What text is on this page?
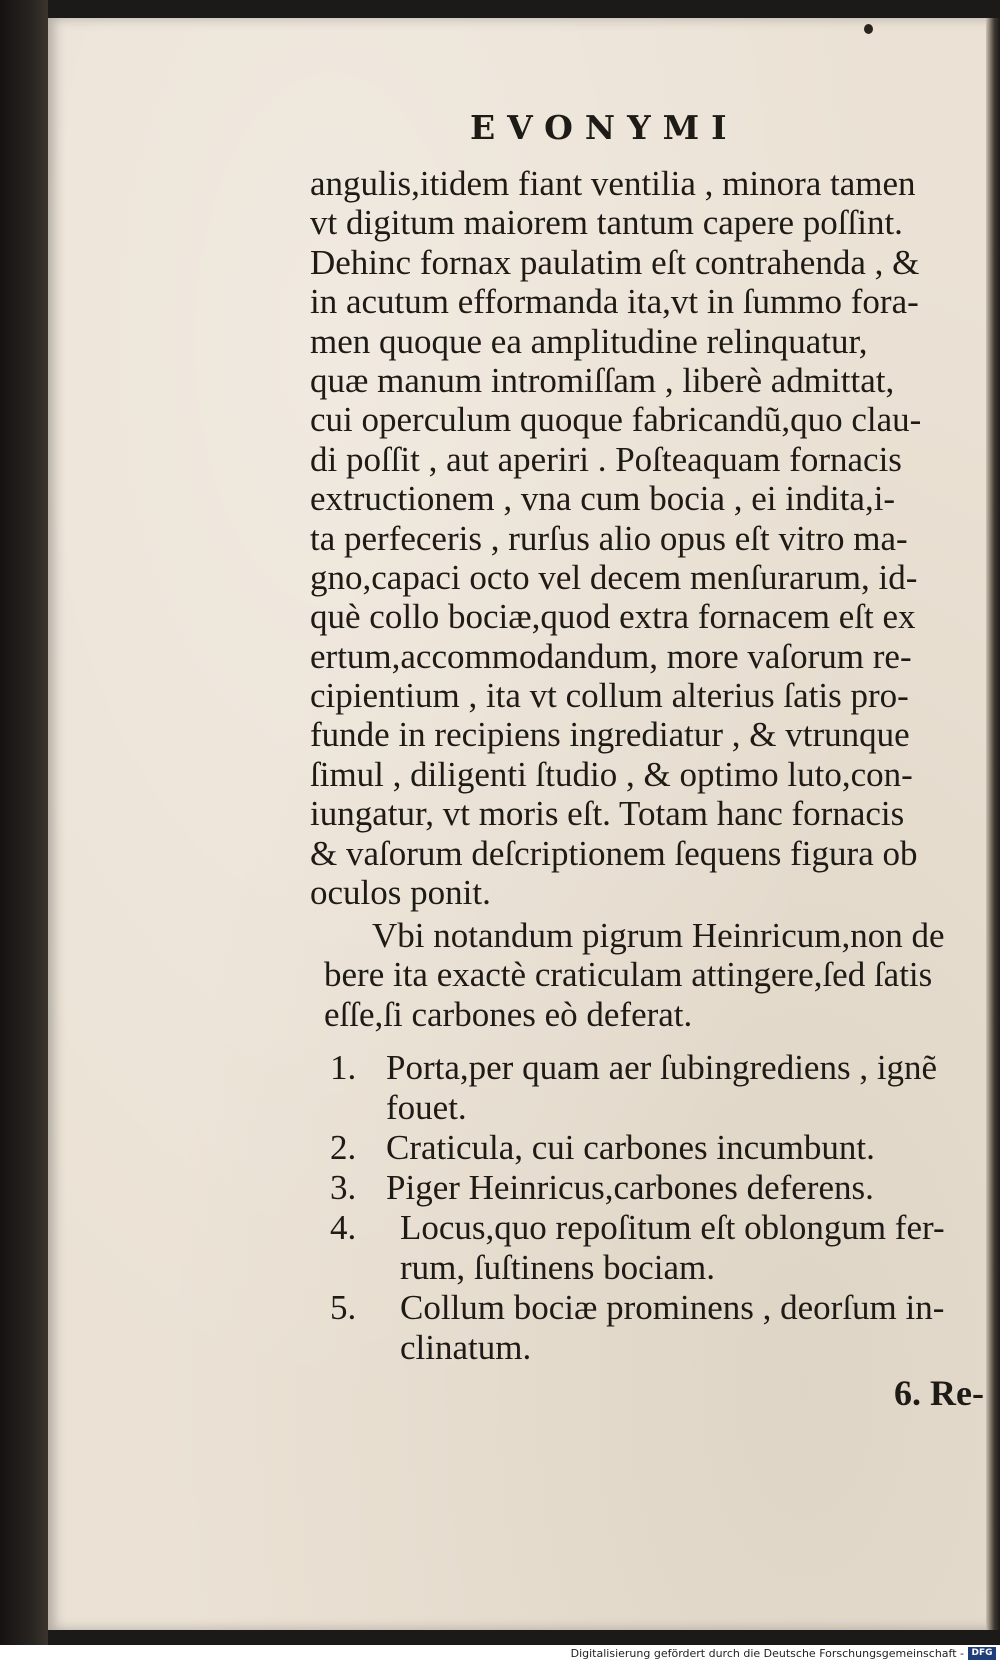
EVONYMI
angulis,itidem fiant ventilia , minora tamen
vt digitum maiorem tantum capere poſſint.
Dehinc fornax paulatim eſt contrahenda , &
in acutum efformanda ita,vt in ſummo fora-
men quoque ea amplitudine relinquatur,
quæ manum intromiſſam , liberè admittat,
cui operculum quoque fabricandũ,quo clau-
di poſſit , aut aperiri . Poſteaquam fornacis
extructionem , vna cum bocia , ei indita,i-
ta perfeceris , rurſus alio opus eſt vitro ma-
gno,capaci octo vel decem menſurarum, id-
què collo bociæ,quod extra fornacem eſt ex
ertum,accommodandum, more vaſorum re-
cipientium , ita vt collum alterius ſatis pro-
funde in recipiens ingrediatur , & vtrunque
ſimul , diligenti ſtudio , & optimo luto,con-
iungatur, vt moris eſt. Totam hanc fornacis
& vaſorum deſcriptionem ſequens figura ob
oculos ponit.
Vbi notandum pigrum Heinricum,non de
bere ita exactè craticulam attingere,ſed ſatis
eſſe,ſi carbones eò deferat.
1. Porta,per quam aer ſubingrediens , ignẽ
fouet.
2. Craticula, cui carbones incumbunt.
3. Piger Heinricus,carbones deferens.
4.	Locus,quo repoſitum eſt oblongum fer-
rum, ſuſtinens bociam.
5.	Collum bociæ prominens , deorſum in-
clinatum.
6. Re-
Digitalisierung gefördert durch die Deutsche Forschungsgemeinschaft - DFG
